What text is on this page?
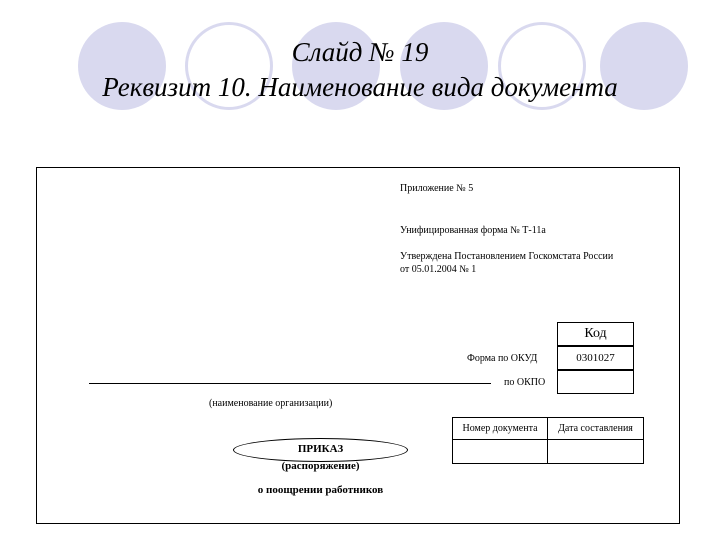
Слайд № 19
Реквизит 10. Наименование вида документа
Приложение № 5
Унифицированная форма № Т-11а
Утверждена Постановлением Госкомстата России
от 05.01.2004 № 1
Код
0301027
Форма по ОКУД
по ОКПО
(наименование организации)
Номер документа	Дата составления
ПРИКАЗ
(распоряжение)
о поощрении работников
